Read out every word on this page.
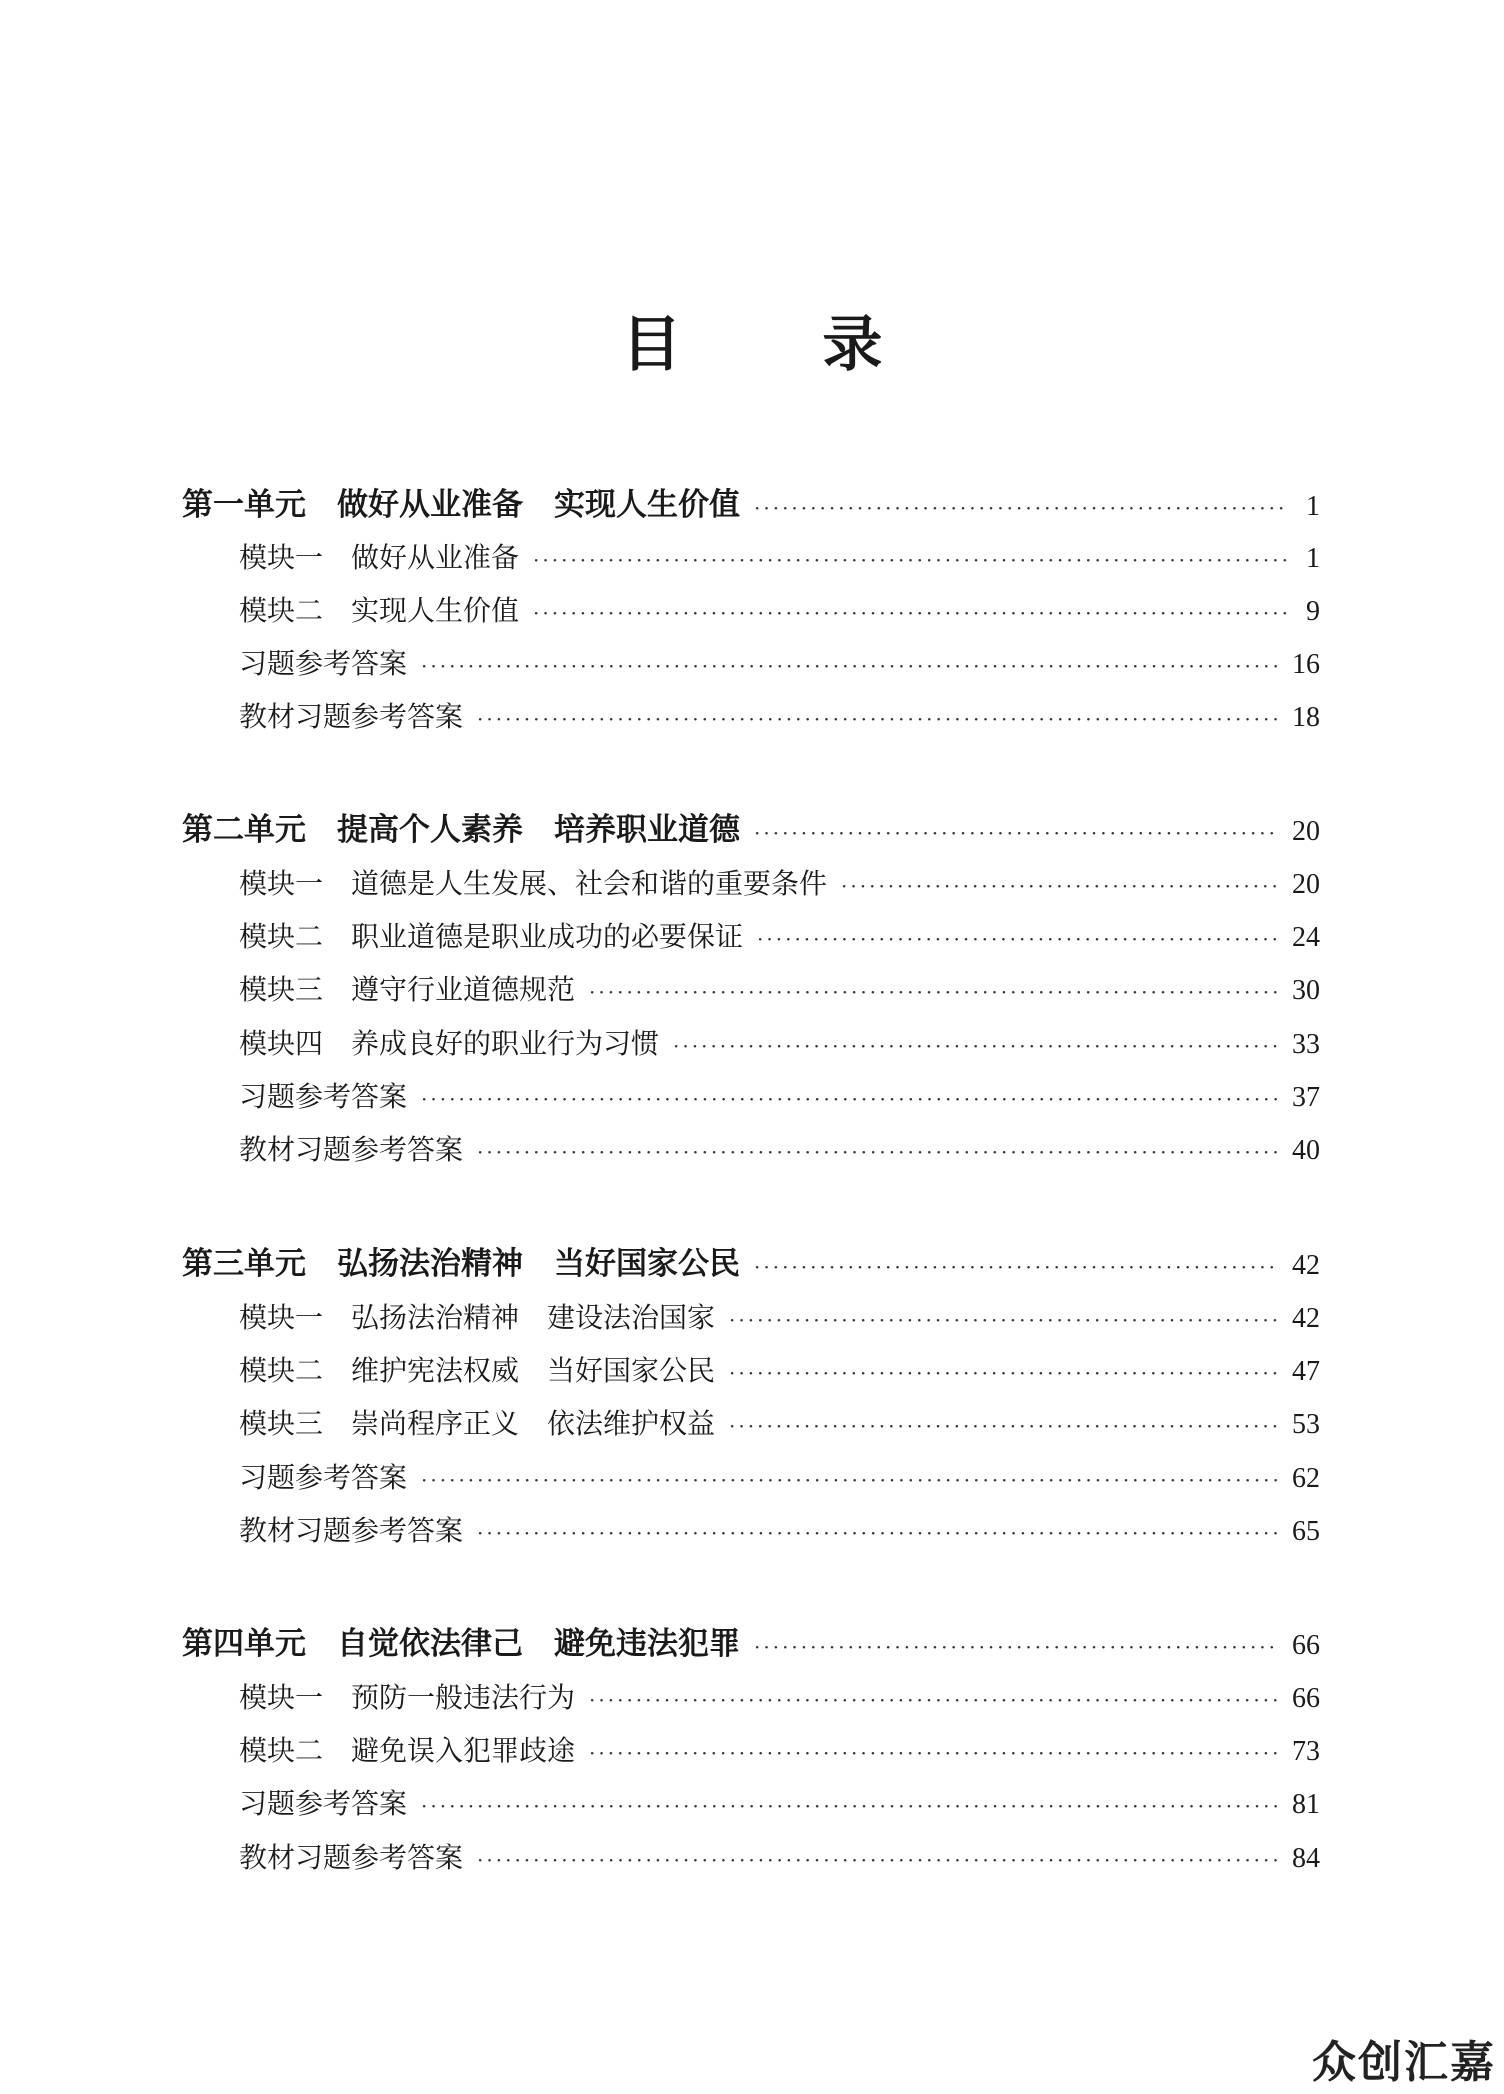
目 录
第一单元　做好从业准备　实现人生价值 ·····	1
模块一　做好从业准备 ·····	1
模块二　实现人生价值 ·····	9
习题参考答案 ·····	16
教材习题参考答案 ·····	18
第二单元　提高个人素养　培养职业道德 ·····	20
模块一　道德是人生发展、社会和谐的重要条件 ·····	20
模块二　职业道德是职业成功的必要保证 ·····	24
模块三　遵守行业道德规范 ·····	30
模块四　养成良好的职业行为习惯 ·····	33
习题参考答案 ·····	37
教材习题参考答案 ·····	40
第三单元　弘扬法治精神　当好国家公民 ·····	42
模块一　弘扬法治精神　建设法治国家 ·····	42
模块二　维护宪法权威　当好国家公民 ·····	47
模块三　崇尚程序正义　依法维护权益 ·····	53
习题参考答案 ·····	62
教材习题参考答案 ·····	65
第四单元　自觉依法律己　避免违法犯罪 ·····	66
模块一　预防一般违法行为 ·····	66
模块二　避免误入犯罪歧途 ·····	73
习题参考答案 ·····	81
教材习题参考答案 ·····	84
众创汇嘉
